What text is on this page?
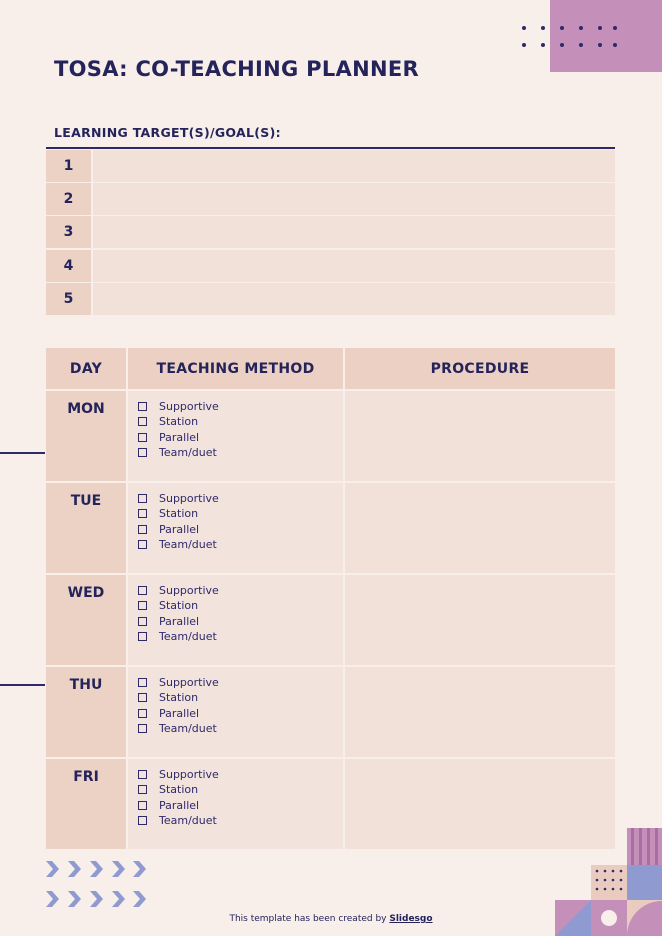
TOSA: CO-TEACHING PLANNER
LEARNING TARGET(S)/GOAL(S):
1
2
3
4
5
DAY	TEACHING METHOD	PROCEDURE
MON	Supportive
Station
Parallel
Team/duet
TUE	Supportive
Station
Parallel
Team/duet
WED	Supportive
Station
Parallel
Team/duet
THU	Supportive
Station
Parallel
Team/duet
FRI	Supportive
Station
Parallel
Team/duet
This template has been created by Slidesgo
